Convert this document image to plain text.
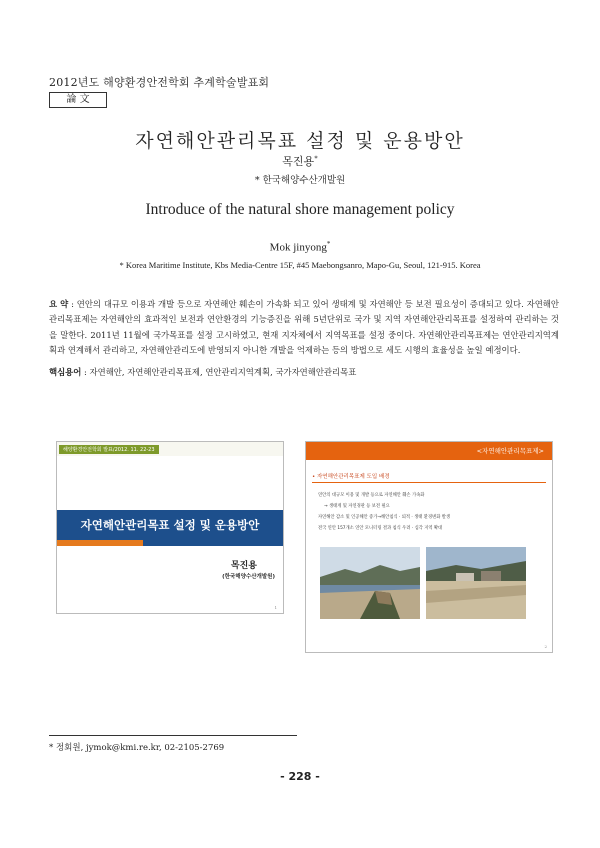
2012년도 해양환경안전학회 추계학술발표회
論 文
자연해안관리목표 설정 및 운용방안
목진용*
* 한국해양수산개발원
Introduce of the natural shore management policy
Mok jinyong*
* Korea Maritime Institute, Kbs Media-Centre 15F, #45 Maebongsanro, Mapo-Gu, Seoul, 121-915. Korea
요 약 : 연안의 대규모 이용과 개발 등으로 자연해안 훼손이 가속화 되고 있어 생태계 및 자연해안 등 보전 필요성이 증대되고 있다. 자연해안관리목표제는 자연해안의 효과적인 보전과 연안환경의 기능증진을 위해 5년단위로 국가 및 지역 자연해안관리목표를 설정하여 관리하는 것을 말한다. 2011년 11월에 국가목표를 설정 고시하였고, 현재 지자체에서 지역목표를 설정 중이다. 자연해안관리목표제는 연안관리지역계획과 연계해서 관리하고, 자연해안관리도에 반영되지 아니한 개발을 억제하는 등의 방법으로 세도 시행의 효율성을 높일 예정이다.
핵심용어 : 자연해안, 자연해안관리목표제, 연안관리지역계획, 국가자연해안관리목표
해양환경안전학회 발표/2012. 11. 22-23
자연해안관리목표 설정 및 운용방안
목진용
(한국해양수산개발원)
1
<자연해안관리목표제>
• 자연해안관리목표제 도입 배경
연안의 대규모 이용 및 개발 등으로 자연해안 훼손 가속화
→ 생태계 및 자연경관 등 보전 필요
자연해안 감소 및 인공해안 증가→해안침식 · 퇴적 · 생태 환경변화 발생
전국 연안 157개소 연안 모니터링 결과 침식 우려 · 심각 지역 확대
2
* 정회원, jymok@kmi.re.kr, 02-2105-2769
- 228 -
